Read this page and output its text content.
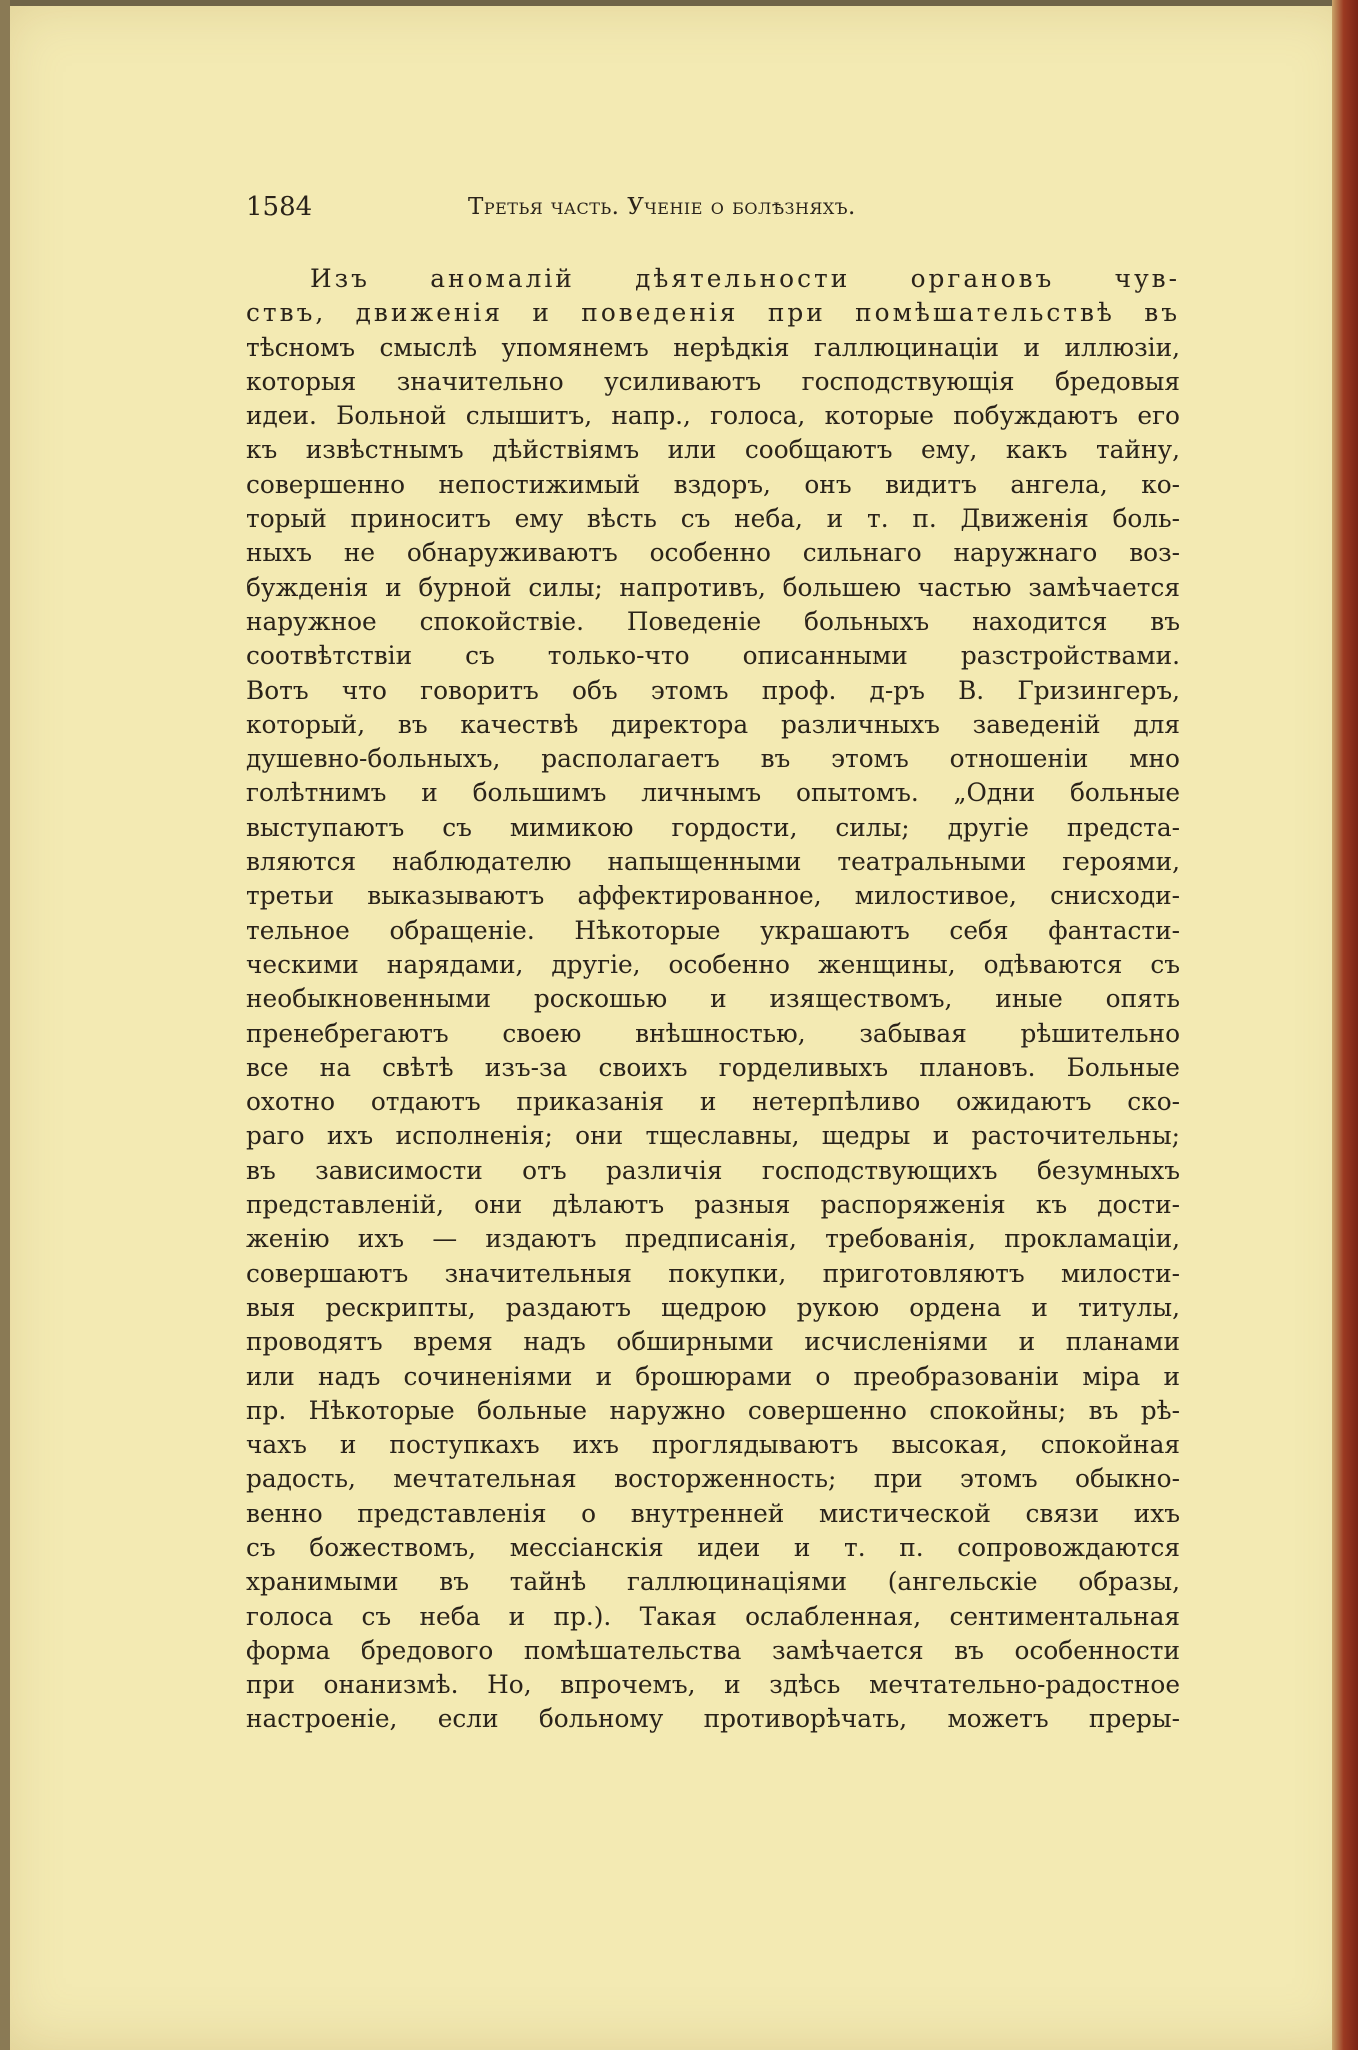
1584	Третья часть. Ученіе о болѣзняхъ.
Изъ аномалій дѣятельности органовъ чув-
ствъ, движенія и поведенія при помѣшательствѣ въ
тѣсномъ смыслѣ упомянемъ нерѣдкія галлюцинаціи и иллюзіи,
которыя значительно усиливаютъ господствующія бредовыя
идеи. Больной слышитъ, напр., голоса, которые побуждаютъ его
къ извѣстнымъ дѣйствіямъ или сообщаютъ ему, какъ тайну,
совершенно непостижимый вздоръ, онъ видитъ ангела, ко-
торый приноситъ ему вѣсть съ неба, и т. п. Движенія боль-
ныхъ не обнаруживаютъ особенно сильнаго наружнаго воз-
бужденія и бурной силы; напротивъ, большею частью замѣчается
наружное спокойствіе. Поведеніе больныхъ находится въ
соотвѣтствіи съ только-что описанными разстройствами.
Вотъ что говоритъ объ этомъ проф. д-ръ В. Гризингеръ,
который, въ качествѣ директора различныхъ заведеній для
душевно-больныхъ, располагаетъ въ этомъ отношеніи мно
голѣтнимъ и большимъ личнымъ опытомъ. „Одни больные
выступаютъ съ мимикою гордости, силы; другіе предста-
вляются наблюдателю напыщенными театральными героями,
третьи выказываютъ аффектированное, милостивое, снисходи-
тельное обращеніе. Нѣкоторые украшаютъ себя фантасти-
ческими нарядами, другіе, особенно женщины, одѣваются съ
необыкновенными роскошью и изяществомъ, иные опять
пренебрегаютъ своею внѣшностью, забывая рѣшительно
все на свѣтѣ изъ-за своихъ горделивыхъ плановъ. Больные
охотно отдаютъ приказанія и нетерпѣливо ожидаютъ ско-
раго ихъ исполненія; они тщеславны, щедры и расточительны;
въ зависимости отъ различія господствующихъ безумныхъ
представленій, они дѣлаютъ разныя распоряженія къ дости-
женію ихъ — издаютъ предписанія, требованія, прокламаціи,
совершаютъ значительныя покупки, приготовляютъ милости-
выя рескрипты, раздаютъ щедрою рукою ордена и титулы,
проводятъ время надъ обширными исчисленіями и планами
или надъ сочиненіями и брошюрами о преобразованіи міра и
пр. Нѣкоторые больные наружно совершенно спокойны; въ рѣ-
чахъ и поступкахъ ихъ проглядываютъ высокая, спокойная
радость, мечтательная восторженность; при этомъ обыкно-
венно представленія о внутренней мистической связи ихъ
съ божествомъ, мессіанскія идеи и т. п. сопровождаются
хранимыми въ тайнѣ галлюцинаціями (ангельскіе образы,
голоса съ неба и пр.). Такая ослабленная, сентиментальная
форма бредового помѣшательства замѣчается въ особенности
при онанизмѣ. Но, впрочемъ, и здѣсь мечтательно-радостное
настроеніе, если больному противорѣчать, можетъ преры-
